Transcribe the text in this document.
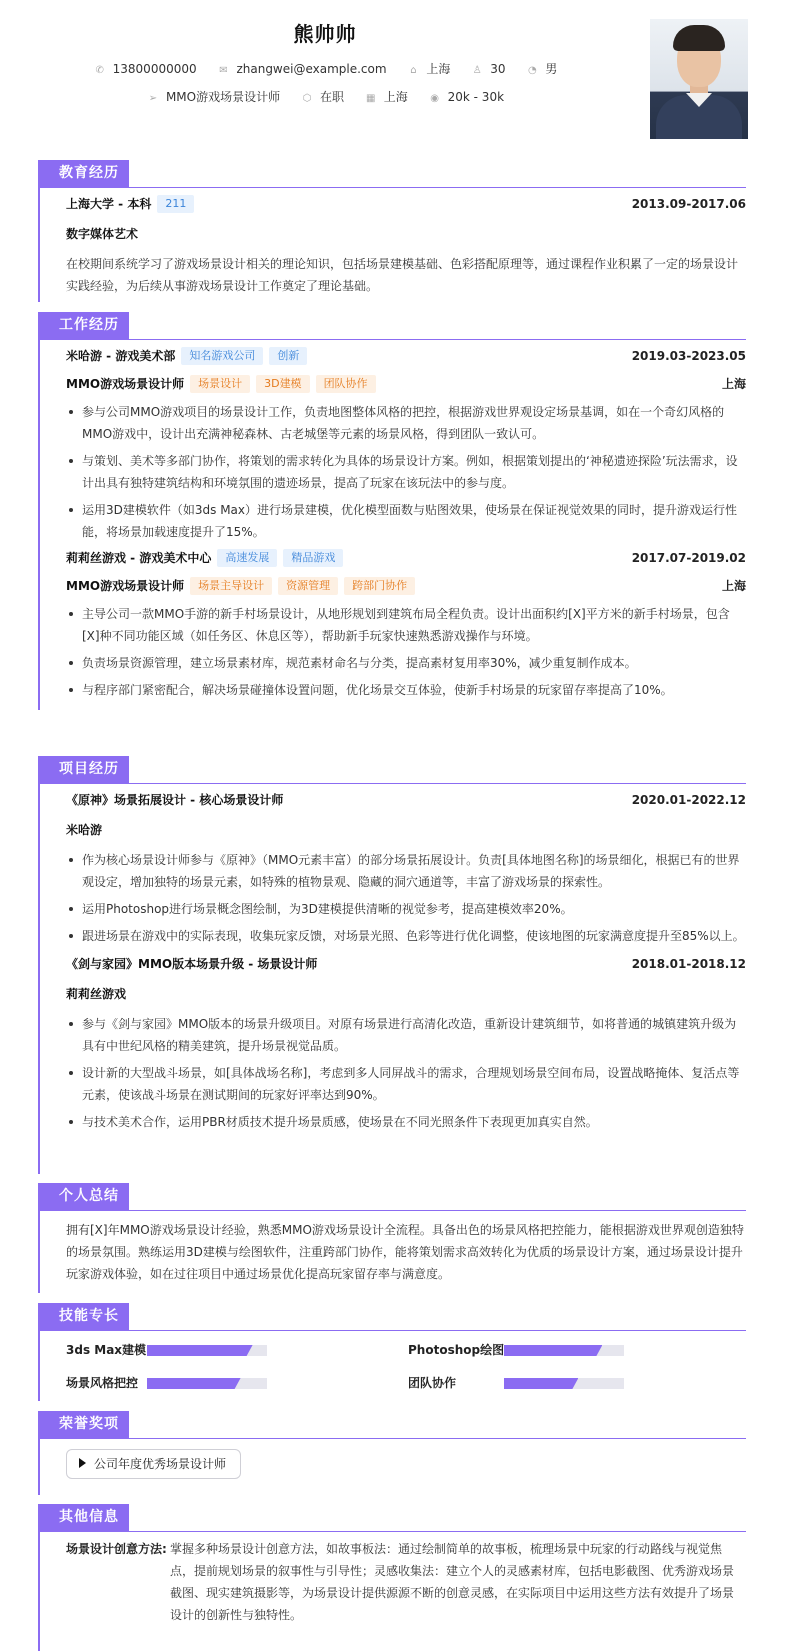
熊帅帅
✆ 13800000000 ✉ zhangwei@example.com ⌂ 上海 ♙ 30 ◔ 男
➢ MMO游戏场景设计师 ⬡ 在职 ▦ 上海 ◉ 20k - 30k
教育经历
上海大学 - 本科 211	2013.09-2017.06
数字媒体艺术
在校期间系统学习了游戏场景设计相关的理论知识，包括场景建模基础、色彩搭配原理等，通过课程作业积累了一定的场景设计实践经验，为后续从事游戏场景设计工作奠定了理论基础。
工作经历
米哈游 - 游戏美术部 知名游戏公司 创新	2019.03-2023.05
MMO游戏场景设计师 场景设计 3D建模 团队协作	上海
参与公司MMO游戏项目的场景设计工作，负责地图整体风格的把控，根据游戏世界观设定场景基调，如在一个奇幻风格的MMO游戏中，设计出充满神秘森林、古老城堡等元素的场景风格，得到团队一致认可。
与策划、美术等多部门协作，将策划的需求转化为具体的场景设计方案。例如，根据策划提出的‘神秘遗迹探险’玩法需求，设计出具有独特建筑结构和环境氛围的遗迹场景，提高了玩家在该玩法中的参与度。
运用3D建模软件（如3ds Max）进行场景建模，优化模型面数与贴图效果，使场景在保证视觉效果的同时，提升游戏运行性能，将场景加载速度提升了15%。
莉莉丝游戏 - 游戏美术中心 高速发展 精品游戏	2017.07-2019.02
MMO游戏场景设计师 场景主导设计 资源管理 跨部门协作	上海
主导公司一款MMO手游的新手村场景设计，从地形规划到建筑布局全程负责。设计出面积约[X]平方米的新手村场景，包含[X]种不同功能区域（如任务区、休息区等），帮助新手玩家快速熟悉游戏操作与环境。
负责场景资源管理，建立场景素材库，规范素材命名与分类，提高素材复用率30%，减少重复制作成本。
与程序部门紧密配合，解决场景碰撞体设置问题，优化场景交互体验，使新手村场景的玩家留存率提高了10%。
项目经历
《原神》场景拓展设计 - 核心场景设计师	2020.01-2022.12
米哈游
作为核心场景设计师参与《原神》（MMO元素丰富）的部分场景拓展设计。负责[具体地图名称]的场景细化，根据已有的世界观设定，增加独特的场景元素，如特殊的植物景观、隐藏的洞穴通道等，丰富了游戏场景的探索性。
运用Photoshop进行场景概念图绘制，为3D建模提供清晰的视觉参考，提高建模效率20%。
跟进场景在游戏中的实际表现，收集玩家反馈，对场景光照、色彩等进行优化调整，使该地图的玩家满意度提升至85%以上。
《剑与家园》MMO版本场景升级 - 场景设计师	2018.01-2018.12
莉莉丝游戏
参与《剑与家园》MMO版本的场景升级项目。对原有场景进行高清化改造，重新设计建筑细节，如将普通的城镇建筑升级为具有中世纪风格的精美建筑，提升场景视觉品质。
设计新的大型战斗场景，如[具体战场名称]，考虑到多人同屏战斗的需求，合理规划场景空间布局，设置战略掩体、复活点等元素，使该战斗场景在测试期间的玩家好评率达到90%。
与技术美术合作，运用PBR材质技术提升场景质感，使场景在不同光照条件下表现更加真实自然。
个人总结
拥有[X]年MMO游戏场景设计经验，熟悉MMO游戏场景设计全流程。具备出色的场景风格把控能力，能根据游戏世界观创造独特的场景氛围。熟练运用3D建模与绘图软件，注重跨部门协作，能将策划需求高效转化为优质的场景设计方案，通过场景设计提升玩家游戏体验，如在过往项目中通过场景优化提高玩家留存率与满意度。
技能专长
3ds Max建模	Photoshop绘图
场景风格把控	团队协作
荣誉奖项
公司年度优秀场景设计师
其他信息
场景设计创意方法: 掌握多种场景设计创意方法，如故事板法：通过绘制简单的故事板，梳理场景中玩家的行动路线与视觉焦点，提前规划场景的叙事性与引导性；灵感收集法：建立个人的灵感素材库，包括电影截图、优秀游戏场景截图、现实建筑摄影等，为场景设计提供源源不断的创意灵感，在实际项目中运用这些方法有效提升了场景设计的创新性与独特性。
